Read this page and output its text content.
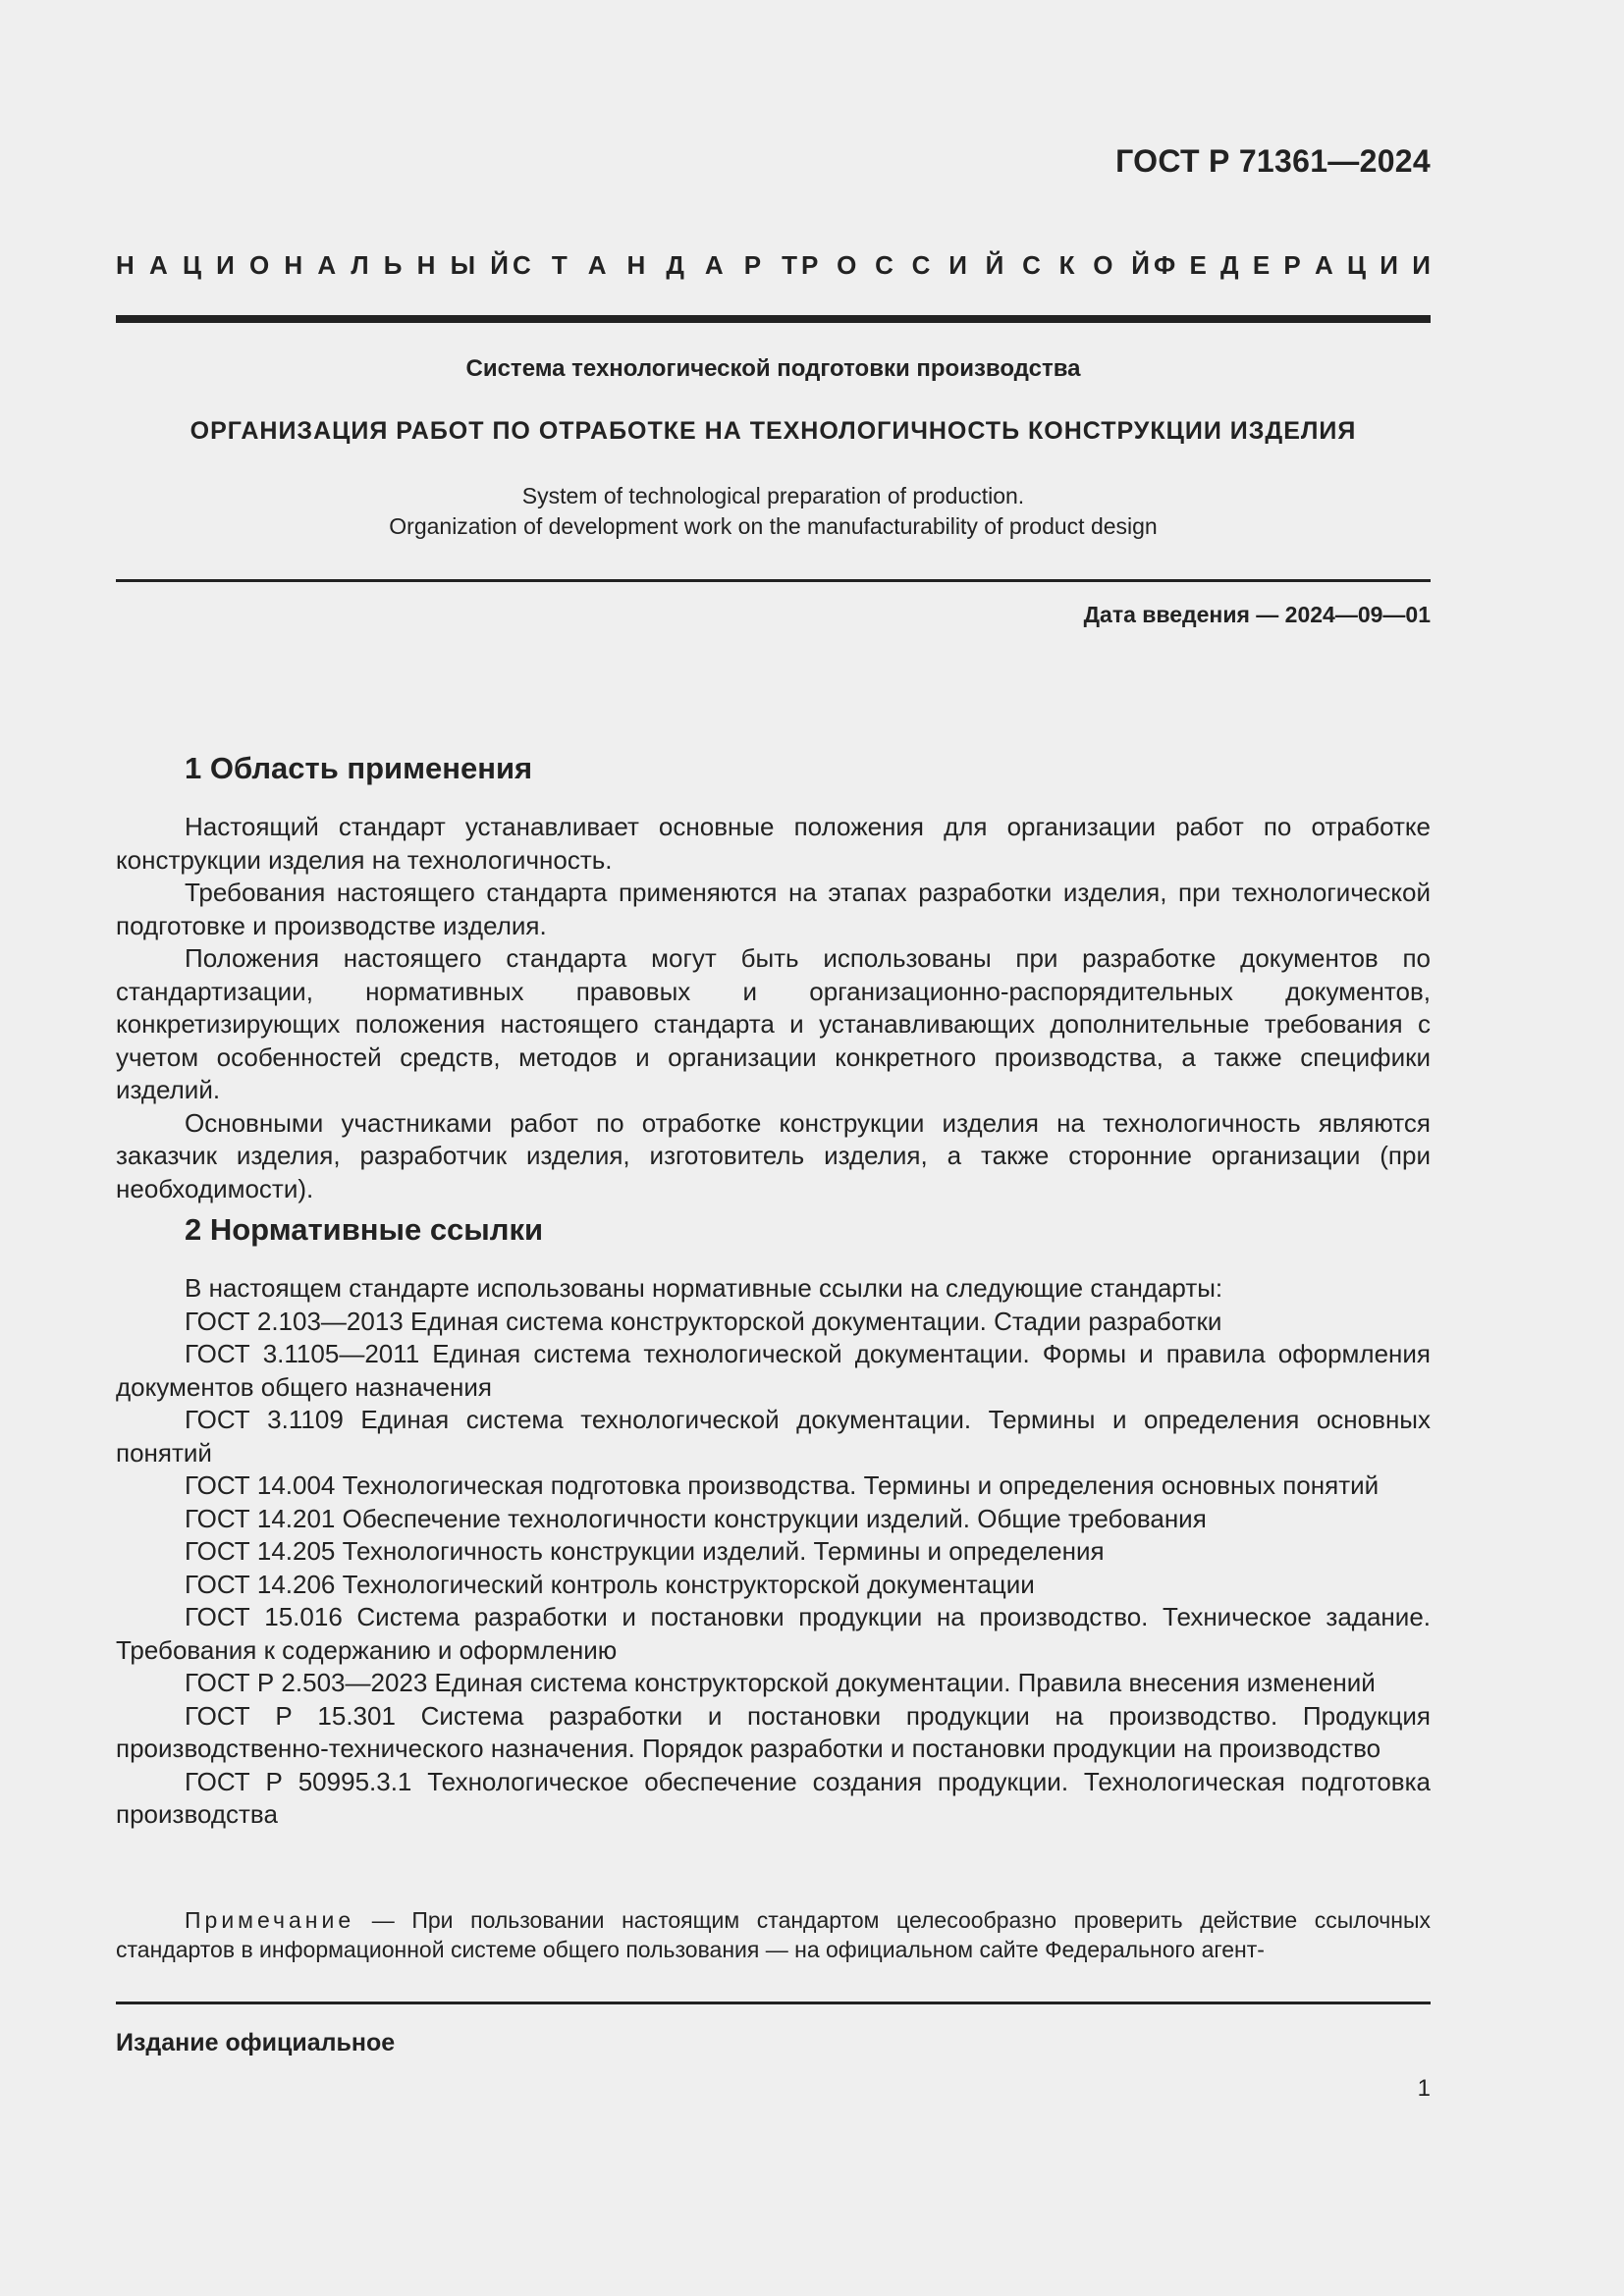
ГОСТ Р 71361—2024
Н А Ц И О Н А Л Ь Н Ы Й С Т А Н Д А Р Т Р О С С И Й С К О Й Ф Е Д Е Р А Ц И И
Система технологической подготовки производства
ОРГАНИЗАЦИЯ РАБОТ ПО ОТРАБОТКЕ НА ТЕХНОЛОГИЧНОСТЬ КОНСТРУКЦИИ ИЗДЕЛИЯ
System of technological preparation of production.
Organization of development work on the manufacturability of product design
Дата введения — 2024—09—01
1 Область применения

Настоящий стандарт устанавливает основные положения для организации работ по отработке конструкции изделия на технологичность.

Требования настоящего стандарта применяются на этапах разработки изделия, при технологической подготовке и производстве изделия.

Положения настоящего стандарта могут быть использованы при разработке документов по стандартизации, нормативных правовых и организационно-распорядительных документов, конкретизирующих положения настоящего стандарта и устанавливающих дополнительные требования с учетом особенностей средств, методов и организации конкретного производства, а также специфики изделий.

Основными участниками работ по отработке конструкции изделия на технологичность являются заказчик изделия, разработчик изделия, изготовитель изделия, а также сторонние организации (при необходимости).

2 Нормативные ссылки

В настоящем стандарте использованы нормативные ссылки на следующие стандарты:

ГОСТ 2.103—2013 Единая система конструкторской документации. Стадии разработки

ГОСТ 3.1105—2011 Единая система технологической документации. Формы и правила оформления документов общего назначения

ГОСТ 3.1109 Единая система технологической документации. Термины и определения основных понятий

ГОСТ 14.004 Технологическая подготовка производства. Термины и определения основных понятий

ГОСТ 14.201 Обеспечение технологичности конструкции изделий. Общие требования

ГОСТ 14.205 Технологичность конструкции изделий. Термины и определения

ГОСТ 14.206 Технологический контроль конструкторской документации

ГОСТ 15.016 Система разработки и постановки продукции на производство. Техническое задание. Требования к содержанию и оформлению

ГОСТ Р 2.503—2023 Единая система конструкторской документации. Правила внесения изменений

ГОСТ Р 15.301 Система разработки и постановки продукции на производство. Продукция производственно-технического назначения. Порядок разработки и постановки продукции на производство

ГОСТ Р 50995.3.1 Технологическое обеспечение создания продукции. Технологическая подготовка производства

Примечание — При пользовании настоящим стандартом целесообразно проверить действие ссылочных стандартов в информационной системе общего пользования — на официальном сайте Федерального агент-

Издание официальное
1
